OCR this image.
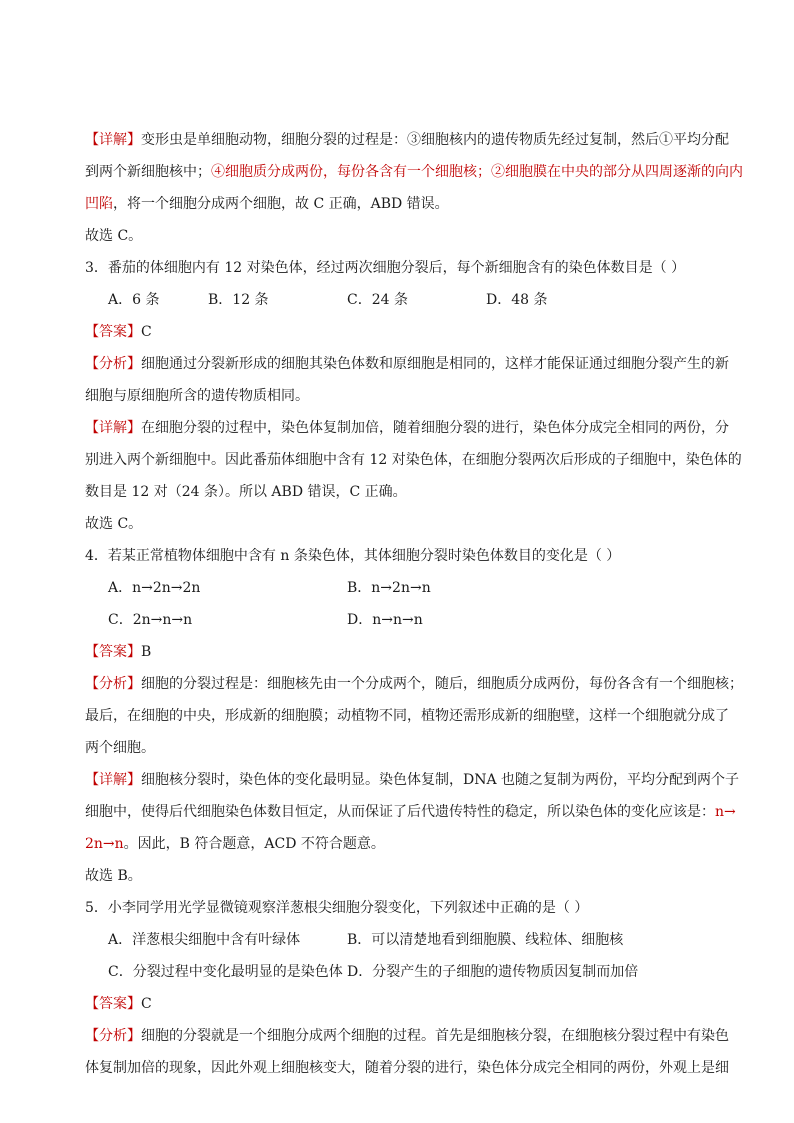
【详解】变形虫是单细胞动物，细胞分裂的过程是：③细胞核内的遗传物质先经过复制，然后①平均分配
到两个新细胞核中；④细胞质分成两份，每份各含有一个细胞核；②细胞膜在中央的部分从四周逐渐的向内
凹陷，将一个细胞分成两个细胞，故 C 正确，ABD 错误。
故选 C。
3．番茄的体细胞内有 12 对染色体，经过两次细胞分裂后，每个新细胞含有的染色体数目是（ ）
A．6 条	B．12 条	C．24 条	D．48 条
【答案】C
【分析】细胞通过分裂新形成的细胞其染色体数和原细胞是相同的，这样才能保证通过细胞分裂产生的新
细胞与原细胞所含的遗传物质相同。
【详解】在细胞分裂的过程中，染色体复制加倍，随着细胞分裂的进行，染色体分成完全相同的两份，分
别进入两个新细胞中。因此番茄体细胞中含有 12 对染色体，在细胞分裂两次后形成的子细胞中，染色体的
数目是 12 对（24 条）。所以 ABD 错误，C 正确。
故选 C。
4．若某正常植物体细胞中含有 n 条染色体，其体细胞分裂时染色体数目的变化是（ ）
A．n→2n→2n	B．n→2n→n
C．2n→n→n	D．n→n→n
【答案】B
【分析】细胞的分裂过程是：细胞核先由一个分成两个，随后，细胞质分成两份，每份各含有一个细胞核；
最后，在细胞的中央，形成新的细胞膜；动植物不同，植物还需形成新的细胞壁，这样一个细胞就分成了
两个细胞。
【详解】细胞核分裂时，染色体的变化最明显。染色体复制，DNA 也随之复制为两份，平均分配到两个子
细胞中，使得后代细胞染色体数目恒定，从而保证了后代遗传特性的稳定，所以染色体的变化应该是：n→
2n→n。因此，B 符合题意，ACD 不符合题意。
故选 B。
5．小李同学用光学显微镜观察洋葱根尖细胞分裂变化，下列叙述中正确的是（ ）
A．洋葱根尖细胞中含有叶绿体	B．可以清楚地看到细胞膜、线粒体、细胞核
C．分裂过程中变化最明显的是染色体 D．分裂产生的子细胞的遗传物质因复制而加倍
【答案】C
【分析】细胞的分裂就是一个细胞分成两个细胞的过程。首先是细胞核分裂，在细胞核分裂过程中有染色
体复制加倍的现象，因此外观上细胞核变大，随着分裂的进行，染色体分成完全相同的两份，外观上是细
